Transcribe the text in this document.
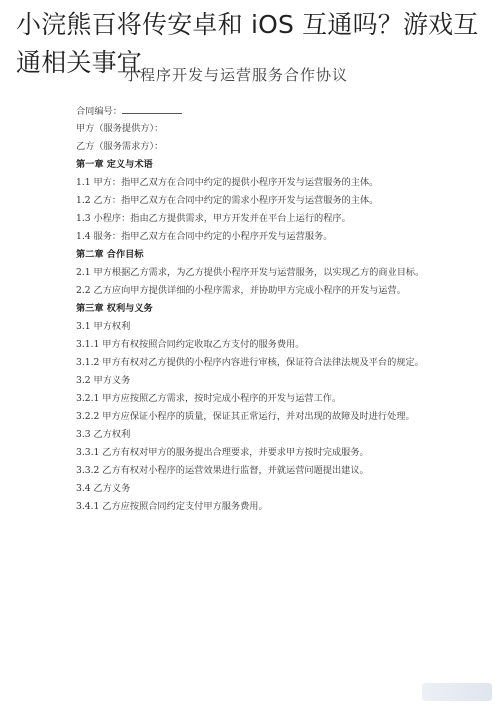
小浣熊百将传安卓和 iOS 互通吗？游戏互通相关事宜
小程序开发与运营服务合作协议
合同编号：
甲方（服务提供方）：
乙方（服务需求方）：
第一章 定义与术语
1.1 甲方：指甲乙双方在合同中约定的提供小程序开发与运营服务的主体。
1.2 乙方：指甲乙双方在合同中约定的需求小程序开发与运营服务的主体。
1.3 小程序：指由乙方提供需求，甲方开发并在平台上运行的程序。
1.4 服务：指甲乙双方在合同中约定的小程序开发与运营服务。
第二章 合作目标

2.1 甲方根据乙方需求，为乙方提供小程序开发与运营服务，以实现乙方的商业目标。

2.2 乙方应向甲方提供详细的小程序需求，并协助甲方完成小程序的开发与运营。

第三章 权利与义务
3.1 甲方权利
3.1.1 甲方有权按照合同约定收取乙方支付的服务费用。

3.1.2 甲方有权对乙方提供的小程序内容进行审核，保证符合法律法规及平台的规定。

3.2 甲方义务
3.2.1 甲方应按照乙方需求，按时完成小程序的开发与运营工作。

3.2.2 甲方应保证小程序的质量，保证其正常运行，并对出现的故障及时进行处理。

3.3 乙方权利
3.3.1 乙方有权对甲方的服务提出合理要求，并要求甲方按时完成服务。
3.3.2 乙方有权对小程序的运营效果进行监督，并就运营问题提出建议。
3.4 乙方义务
3.4.1 乙方应按照合同约定支付甲方服务费用。
